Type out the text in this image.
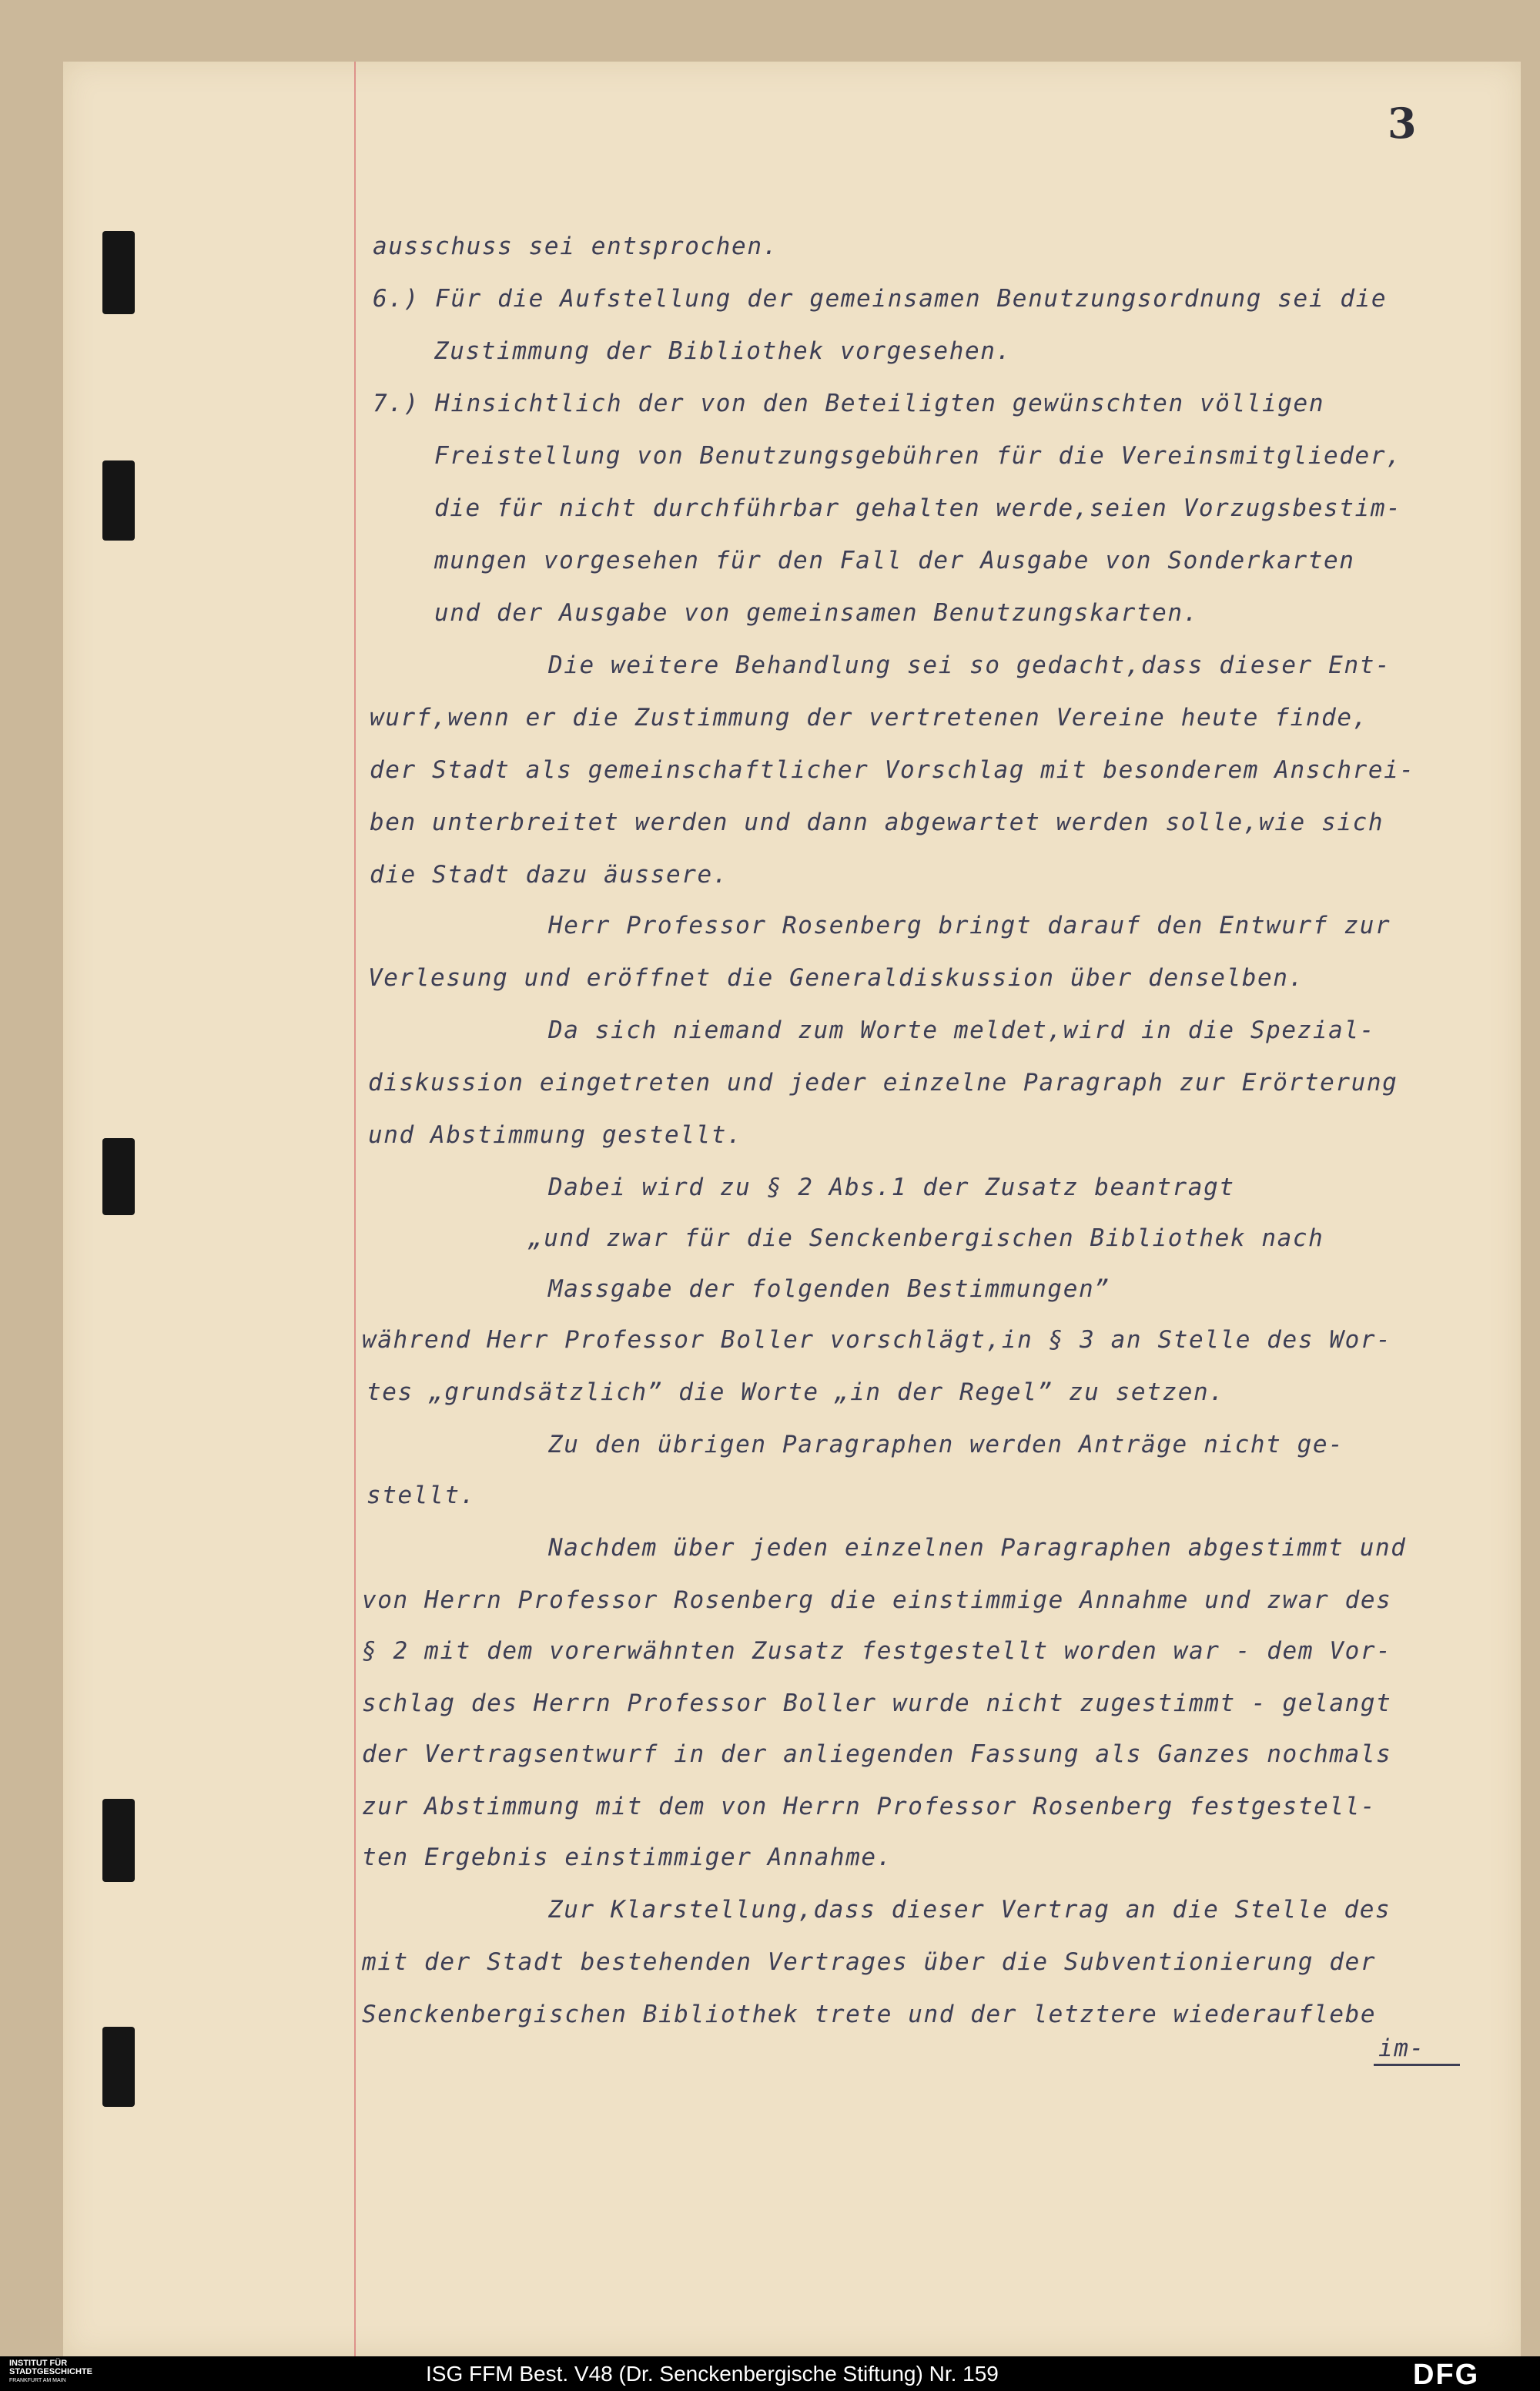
3
ausschuss sei entsprochen.
6.) Für die Aufstellung der gemeinsamen Benutzungsordnung sei die
Zustimmung der Bibliothek vorgesehen.
7.) Hinsichtlich der von den Beteiligten gewünschten völligen
Freistellung von Benutzungsgebühren für die Vereinsmitglieder,
die für nicht durchführbar gehalten werde,seien Vorzugsbestim-
mungen vorgesehen für den Fall der Ausgabe von Sonderkarten
und der Ausgabe von gemeinsamen Benutzungskarten.
Die weitere Behandlung sei so gedacht,dass dieser Ent-
wurf,wenn er die Zustimmung der vertretenen Vereine heute finde,
der Stadt als gemeinschaftlicher Vorschlag mit besonderem Anschrei-
ben unterbreitet werden und dann abgewartet werden solle,wie sich
die Stadt dazu äussere.
Herr Professor Rosenberg bringt darauf den Entwurf zur
Verlesung und eröffnet die Generaldiskussion über denselben.
Da sich niemand zum Worte meldet,wird in die Spezial-
diskussion eingetreten und jeder einzelne Paragraph zur Erörterung
und Abstimmung gestellt.
Dabei wird zu § 2 Abs.1 der Zusatz beantragt
„und zwar für die Senckenbergischen Bibliothek nach
Massgabe der folgenden Bestimmungen”
während Herr Professor Boller vorschlägt,in § 3 an Stelle des Wor-
tes „grundsätzlich” die Worte „in der Regel” zu setzen.
Zu den übrigen Paragraphen werden Anträge nicht ge-
stellt.
Nachdem über jeden einzelnen Paragraphen abgestimmt und
von Herrn Professor Rosenberg die einstimmige Annahme und zwar des
§ 2 mit dem vorerwähnten Zusatz festgestellt worden war - dem Vor-
schlag des Herrn Professor Boller wurde nicht zugestimmt - gelangt
der Vertragsentwurf in der anliegenden Fassung als Ganzes nochmals
zur Abstimmung mit dem von Herrn Professor Rosenberg festgestell-
ten Ergebnis einstimmiger Annahme.
Zur Klarstellung,dass dieser Vertrag an die Stelle des
mit der Stadt bestehenden Vertrages über die Subventionierung der
Senckenbergischen Bibliothek trete und der letztere wiederauflebe
im-
INSTITUT FÜR STADTGESCHICHTE
FRANKFURT AM MAIN	ISG FFM Best. V48 (Dr. Senckenbergische Stiftung) Nr. 159	DFG
